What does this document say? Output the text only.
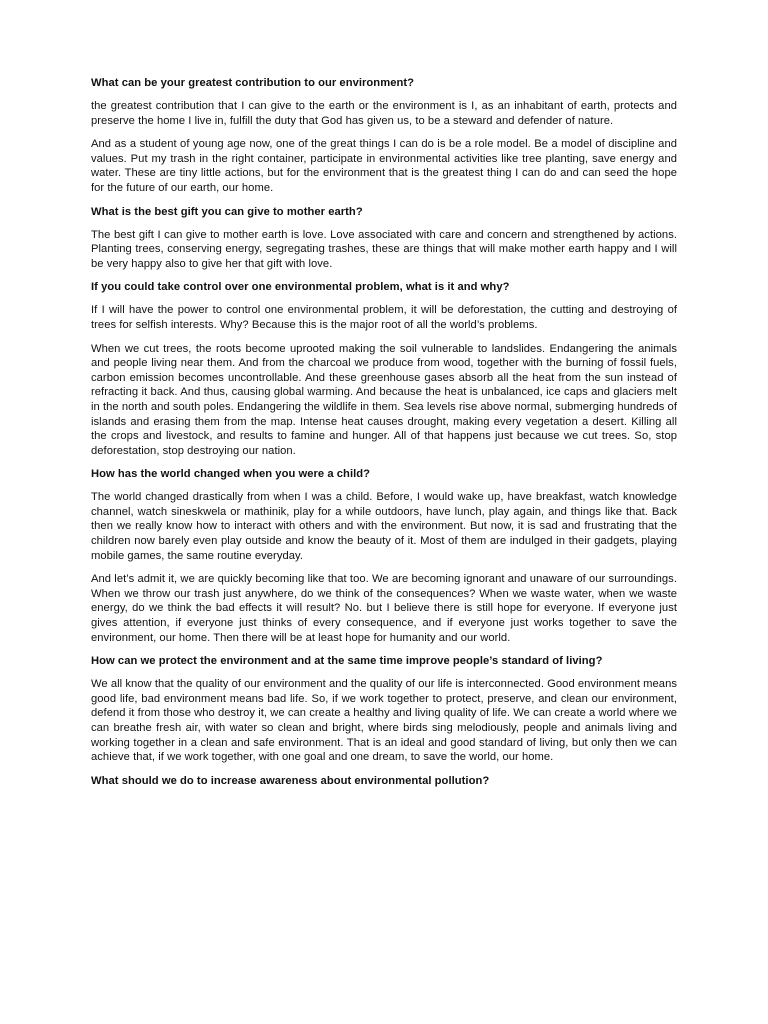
What can be your greatest contribution to our environment?
the greatest contribution that I can give to the earth or the environment is I, as an inhabitant of earth, protects and preserve the home I live in, fulfill the duty that God has given us, to be a steward and defender of nature.
And as a student of young age now, one of the great things I can do is be a role model. Be a model of discipline and values. Put my trash in the right container, participate in environmental activities like tree planting, save energy and water. These are tiny little actions, but for the environment that is the greatest thing I can do and can seed the hope for the future of our earth, our home.
What is the best gift you can give to mother earth?
The best gift I can give to mother earth is love. Love associated with care and concern and strengthened by actions. Planting trees, conserving energy, segregating trashes, these are things that will make mother earth happy and I will be very happy also to give her that gift with love.
If you could take control over one environmental problem, what is it and why?
If I will have the power to control one environmental problem, it will be deforestation, the cutting and destroying of trees for selfish interests. Why? Because this is the major root of all the world’s problems.
When we cut trees, the roots become uprooted making the soil vulnerable to landslides. Endangering the animals and people living near them. And from the charcoal we produce from wood, together with the burning of fossil fuels, carbon emission becomes uncontrollable. And these greenhouse gases absorb all the heat from the sun instead of refracting it back. And thus, causing global warming. And because the heat is unbalanced, ice caps and glaciers melt in the north and south poles. Endangering the wildlife in them. Sea levels rise above normal, submerging hundreds of islands and erasing them from the map. Intense heat causes drought, making every vegetation a desert. Killing all the crops and livestock, and results to famine and hunger. All of that happens just because we cut trees. So, stop deforestation, stop destroying our nation.
How has the world changed when you were a child?
The world changed drastically from when I was a child. Before, I would wake up, have breakfast, watch knowledge channel, watch sineskwela or mathinik, play for a while outdoors, have lunch, play again, and things like that. Back then we really know how to interact with others and with the environment. But now, it is sad and frustrating that the children now barely even play outside and know the beauty of it. Most of them are indulged in their gadgets, playing mobile games, the same routine everyday.
And let’s admit it, we are quickly becoming like that too. We are becoming ignorant and unaware of our surroundings. When we throw our trash just anywhere, do we think of the consequences? When we waste water, when we waste energy, do we think the bad effects it will result? No. but I believe there is still hope for everyone. If everyone just gives attention, if everyone just thinks of every consequence, and if everyone just works together to save the environment, our home. Then there will be at least hope for humanity and our world.
How can we protect the environment and at the same time improve people’s standard of living?
We all know that the quality of our environment and the quality of our life is interconnected. Good environment means good life, bad environment means bad life. So, if we work together to protect, preserve, and clean our environment, defend it from those who destroy it, we can create a healthy and living quality of life. We can create a world where we can breathe fresh air, with water so clean and bright, where birds sing melodiously, people and animals living and working together in a clean and safe environment. That is an ideal and good standard of living, but only then we can achieve that, if we work together, with one goal and one dream, to save the world, our home.
What should we do to increase awareness about environmental pollution?
